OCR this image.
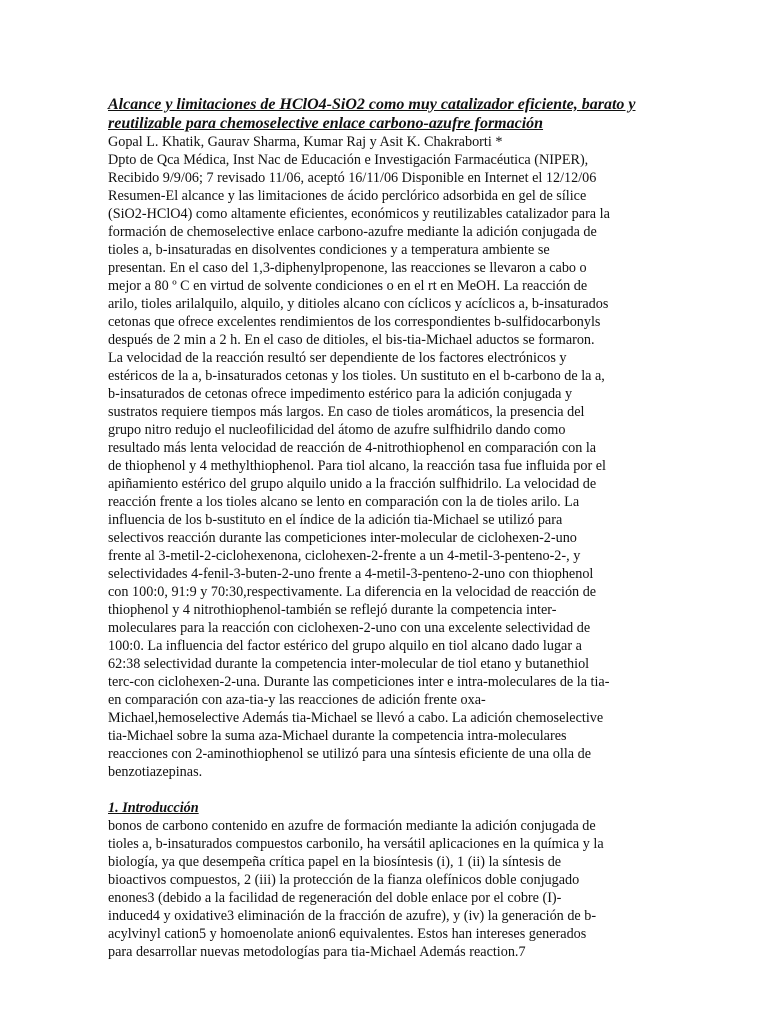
Alcance y limitaciones de HClO4-SiO2 como muy catalizador eficiente, barato y reutilizable para chemoselective enlace carbono-azufre formación

Gopal L. Khatik, Gaurav Sharma, Kumar Raj y Asit K. Chakraborti *

Dpto de Qca Médica, Inst Nac de Educación e Investigación Farmacéutica (NIPER),

Recibido 9/9/06; 7 revisado 11/06, aceptó 16/11/06 Disponible en Internet el 12/12/06

Resumen-El alcance y las limitaciones de ácido perclórico adsorbida en gel de sílice

(SiO2-HClO4) como altamente eficientes, económicos y reutilizables catalizador para la

formación de chemoselective enlace carbono-azufre mediante la adición conjugada de

tioles a, b-insaturadas en disolventes condiciones y a temperatura ambiente se

presentan. En el caso del 1,3-diphenylpropenone, las reacciones se llevaron a cabo o

mejor a 80 º C en virtud de solvente condiciones o en el rt en MeOH. La reacción de

arilo, tioles arilalquilo, alquilo, y ditioles alcano con cíclicos y acíclicos a, b-insaturados

cetonas que ofrece excelentes rendimientos de los correspondientes b-sulfidocarbonyls

después de 2 min a 2 h. En el caso de ditioles, el bis-tia-Michael aductos se formaron.

La velocidad de la reacción resultó ser dependiente de los factores electrónicos y

estéricos de la a, b-insaturados cetonas y los tioles. Un sustituto en el b-carbono de la a,

b-insaturados de cetonas ofrece impedimento estérico para la adición conjugada y

sustratos requiere tiempos más largos. En caso de tioles aromáticos, la presencia del

grupo nitro redujo el nucleofilicidad del átomo de azufre sulfhidrilo dando como

resultado más lenta velocidad de reacción de 4-nitrothiophenol en comparación con la

de thiophenol y 4 methylthiophenol. Para tiol alcano, la reacción tasa fue influida por el

apiñamiento estérico del grupo alquilo unido a la fracción sulfhidrilo. La velocidad de

reacción frente a los tioles alcano se lento en comparación con la de tioles arilo. La

influencia de los b-sustituto en el índice de la adición tia-Michael se utilizó para

selectivos reacción durante las competiciones inter-molecular de ciclohexen-2-uno

frente al 3-metil-2-ciclohexenona, ciclohexen-2-frente a un 4-metil-3-penteno-2-, y

selectividades 4-fenil-3-buten-2-uno frente a 4-metil-3-penteno-2-uno con thiophenol

con 100:0, 91:9 y 70:30,respectivamente. La diferencia en la velocidad de reacción de

thiophenol y 4 nitrothiophenol-también se reflejó durante la competencia inter-

moleculares para la reacción con ciclohexen-2-uno con una excelente selectividad de

100:0. La influencia del factor estérico del grupo alquilo en tiol alcano dado lugar a

62:38 selectividad durante la competencia inter-molecular de tiol etano y butanethiol

terc-con ciclohexen-2-una. Durante las competiciones inter e intra-moleculares de la tia-

en comparación con aza-tia-y las reacciones de adición frente oxa-

Michael,hemoselective Además tia-Michael se llevó a cabo. La adición chemoselective

tia-Michael sobre la suma aza-Michael durante la competencia intra-moleculares

reacciones con 2-aminothiophenol se utilizó para una síntesis eficiente de una olla de

benzotiazepinas.

1. Introducción

bonos de carbono contenido en azufre de formación mediante la adición conjugada de

tioles a, b-insaturados compuestos carbonilo, ha versátil aplicaciones en la química y la

biología, ya que desempeña crítica papel en la biosíntesis (i), 1 (ii) la síntesis de

bioactivos compuestos, 2 (iii) la protección de la fianza olefínicos doble conjugado

enones3 (debido a la facilidad de regeneración del doble enlace por el cobre (I)-

induced4 y oxidative3 eliminación de la fracción de azufre), y (iv) la generación de b-

acylvinyl cation5 y homoenolate anion6 equivalentes. Estos han intereses generados

para desarrollar nuevas metodologías para tia-Michael Además reaction.7
